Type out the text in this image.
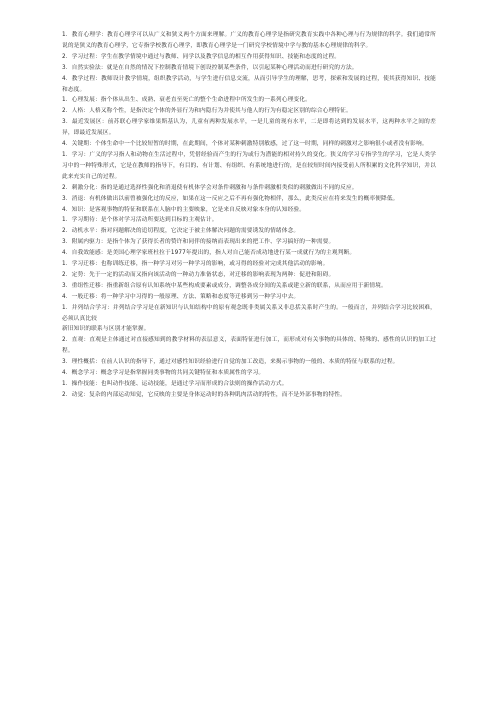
1．教育心理学：教育心理学可以从广义和狭义两个方面来理解。广义的教育心理学是指研究教育实践中各种心理与行为规律的科学。我们通常所说的是狭义的教育心理学，它专指学校教育心理学，即教育心理学是一门研究学校情境中学与教的基本心理规律的科学。

2．学习过程：学生在教学情境中通过与教师、同学以及教学信息的相互作用获得知识、技能和态度的过程。

3．自然实验法：就是在自然的情况下控制教育情境下创设控制某些条件，以引起某种心理活动而进行研究的方法。

4．教学过程：教师设计教学情境，组织教学活动，与学生进行信息交流，从而引导学生的理解，思考，探索和发展的过程，使其获得知识、技能和态度。

1．心理发展：指个体从出生、成熟、衰老直至死亡的整个生命进程中所发生的一系列心理变化。

2．人格：人格又称个性，是指决定个体的外显行为和内隐行为并使其与他人的行为有稳定区别的综合心理特征。

3．最近发展区：前苏联心理学家维果斯基认为，儿童有两种发展水平，一是儿童的现有水平，二是即将达到的发展水平，这两种水平之间的差异，即最近发展区。

4．关键期：个体生命中一个比较短暂的时期，在此期间，个体对某种刺激特别敏感，过了这一时期，同样的刺激对之影响很小或者没有影响。

1．学习：广义的学习指人和动物在生活过程中，凭借经验而产生的行为或行为潜能的相对持久的变化。狭义的学习专指学生的学习，它是人类学习中的一种特殊形式，它是在教师的指导下，有目的、有计划、有组织、有系统地进行的，是在较短时间内接受前人所积累的文化科学知识，并以此来充实自己的过程。

2．刺激分化：指的是通过选择性强化和消退使有机体学会对条件刺激和与条件刺激相类似的刺激做出不同的反应。

3．消退：有机体做出以前曾被强化过的反应，如果在这一反应之后不再有强化物相伴，那么，此类反应在将来发生的概率便降低。

4．知识：是客观事物的特征和联系在人脑中的主要映象，它是来自反映对象本身的认知经验。

1．学习期待：是个体对学习活动所要达到目标的主观估计。

2．动机水平：指对问题解决的追切程度，它决定于被主体解决问题的需要诱发的情绪体念。

3．附属内驱力：是指个体为了获得长者的赞许和同伴的接纳而表现出来的把工作、学习搞好的一种需要。

4．自我效能感：是美国心理学家班杜拉于1977年提出的，指人对自己能否成功地进行某一成就行为的主观判断。

1．学习迁移：也称训练迁移，指一种学习对另一种学习的影响，或习得的经验对完成其他活动的影响。

2．定势：先于一定的活动而又指向该活动的一种动力准备状态，对迁移的影响表现为两种：促进和阻碍。

3．重组性迁移：指重新组合原有认知系统中某些构成要素或成分，调整各成分间的关系或建立新的联系，从而应用于新情境。

4．一般迁移：将一种学习中习得的一般原理、方法、策略和态度等迁移到另一种学习中去。

1．并列结合学习：并列结合学习是在新知识与认知结构中的原有观念既非类属关系又非总括关系时产生的。一般而言，并列结合学习比较困难，必须认真比较

新旧知识的联系与区别才能掌握。

2．直观：直观是主体通过对直接感知到的教学材料的表层意义，表面特征进行加工，而形成对有关事物的具体的、特殊的、感性的认识的加工过程。

3．理性概括：在前人认识的指导下，通过对感性知识经验进行自觉的加工改造，来揭示事物的一般的、本质的特征与联系的过程。

4．概念学习：概念学习是指掌握同类事物的共同关键特征和本质属性的学习。

1．操作技能：也叫动作技能、运动技能，是通过学习而形成的合法则的操作活动方式。

2．动觉：复杂的内部运动知觉，它反映的主要是身体运动时的各种肌肉活动的特性，而不是外部事物的特性。
